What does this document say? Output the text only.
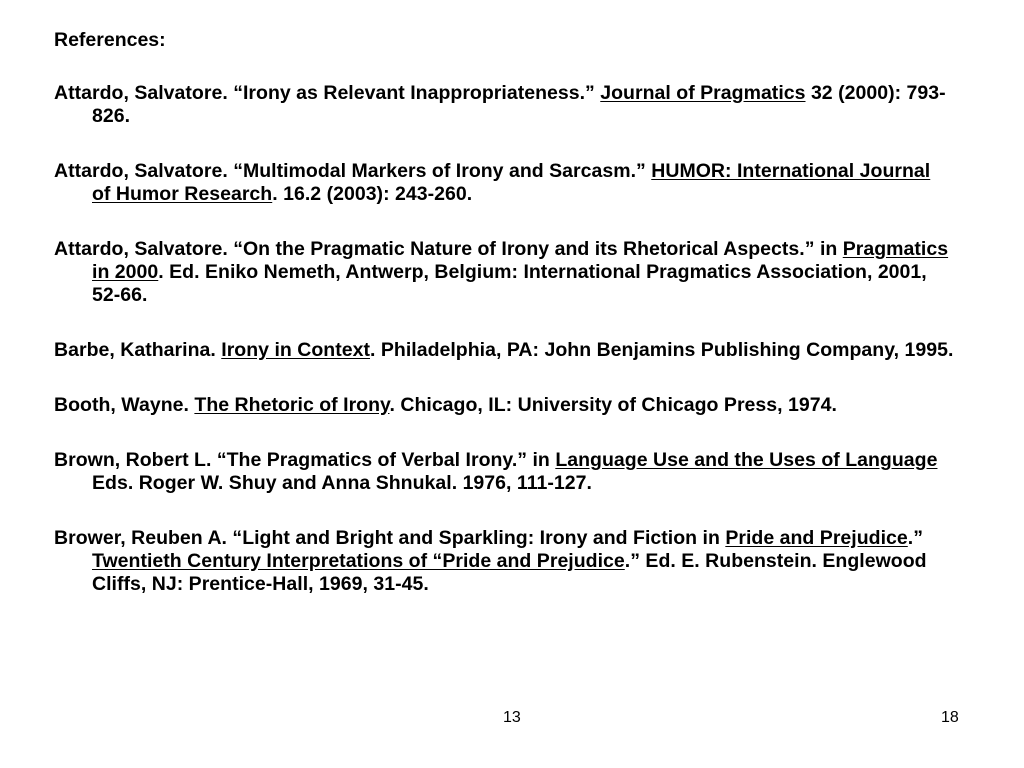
References:

Attardo, Salvatore. “Irony as Relevant Inappropriateness.” Journal of Pragmatics 32 (2000): 793-826.
Attardo, Salvatore. “Multimodal Markers of Irony and Sarcasm.” HUMOR: International Journal of Humor Research. 16.2 (2003): 243-260.
Attardo, Salvatore. “On the Pragmatic Nature of Irony and its Rhetorical Aspects.” in Pragmatics in 2000. Ed. Eniko Nemeth, Antwerp, Belgium: International Pragmatics Association, 2001, 52-66.
Barbe, Katharina. Irony in Context. Philadelphia, PA: John Benjamins Publishing Company, 1995.
Booth, Wayne. The Rhetoric of Irony. Chicago, IL: University of Chicago Press, 1974.
Brown, Robert L. “The Pragmatics of Verbal Irony.” in Language Use and the Uses of Language Eds. Roger W. Shuy and Anna Shnukal. 1976, 111-127.
Brower, Reuben A. “Light and Bright and Sparkling: Irony and Fiction in Pride and Prejudice.” Twentieth Century Interpretations of “Pride and Prejudice.” Ed. E. Rubenstein. Englewood Cliffs, NJ: Prentice-Hall, 1969, 31-45.
13	18
